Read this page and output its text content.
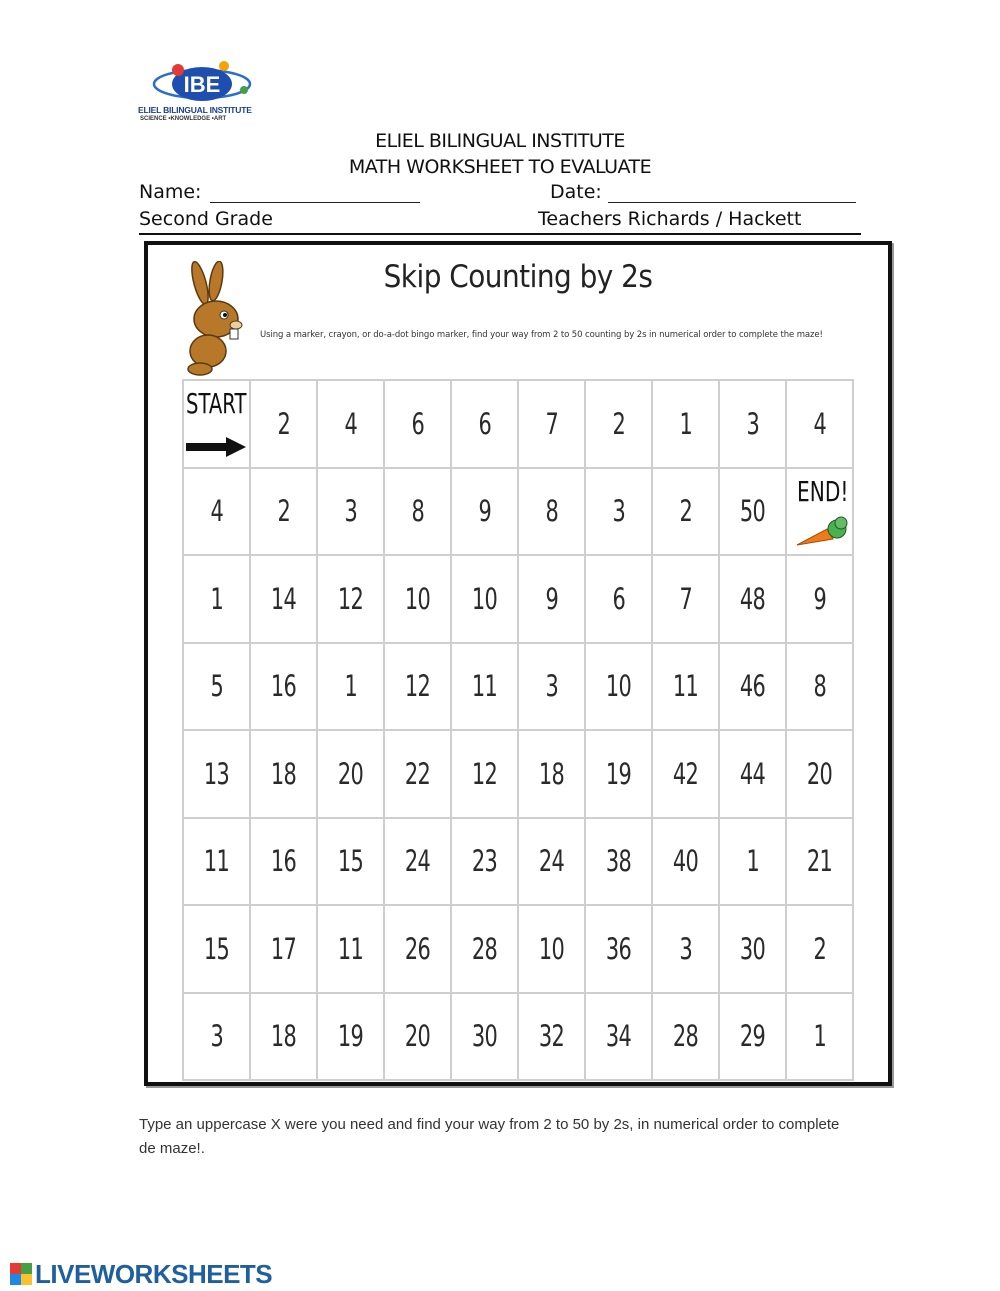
IBE
ELIEL BILINGUAL INSTITUTE
SCIENCE •KNOWLEDGE •ART
ELIEL BILINGUAL INSTITUTE
MATH WORKSHEET TO EVALUATE
Name:	Date:
Second Grade	Teachers Richards / Hackett
Skip Counting by 2s
Using a marker, crayon, or do-a-dot bingo marker, find your way from 2 to 50 counting by 2s in numerical order to complete the maze!
START	2	4	6	6	7	2	1	3	4
4	2	3	8	9	8	3	2	50	END!

1	14	12	10	10	9	6	7	48	9
5	16	1	12	11	3	10	11	46	8
13	18	20	22	12	18	19	42	44	20
11	16	15	24	23	24	38	40	1	21
15	17	11	26	28	10	36	3	30	2
3	18	19	20	30	32	34	28	29	1
Type an uppercase X were you need and find your way from 2 to 50 by 2s, in numerical order to complete de maze!.
LIVEWORKSHEETS
